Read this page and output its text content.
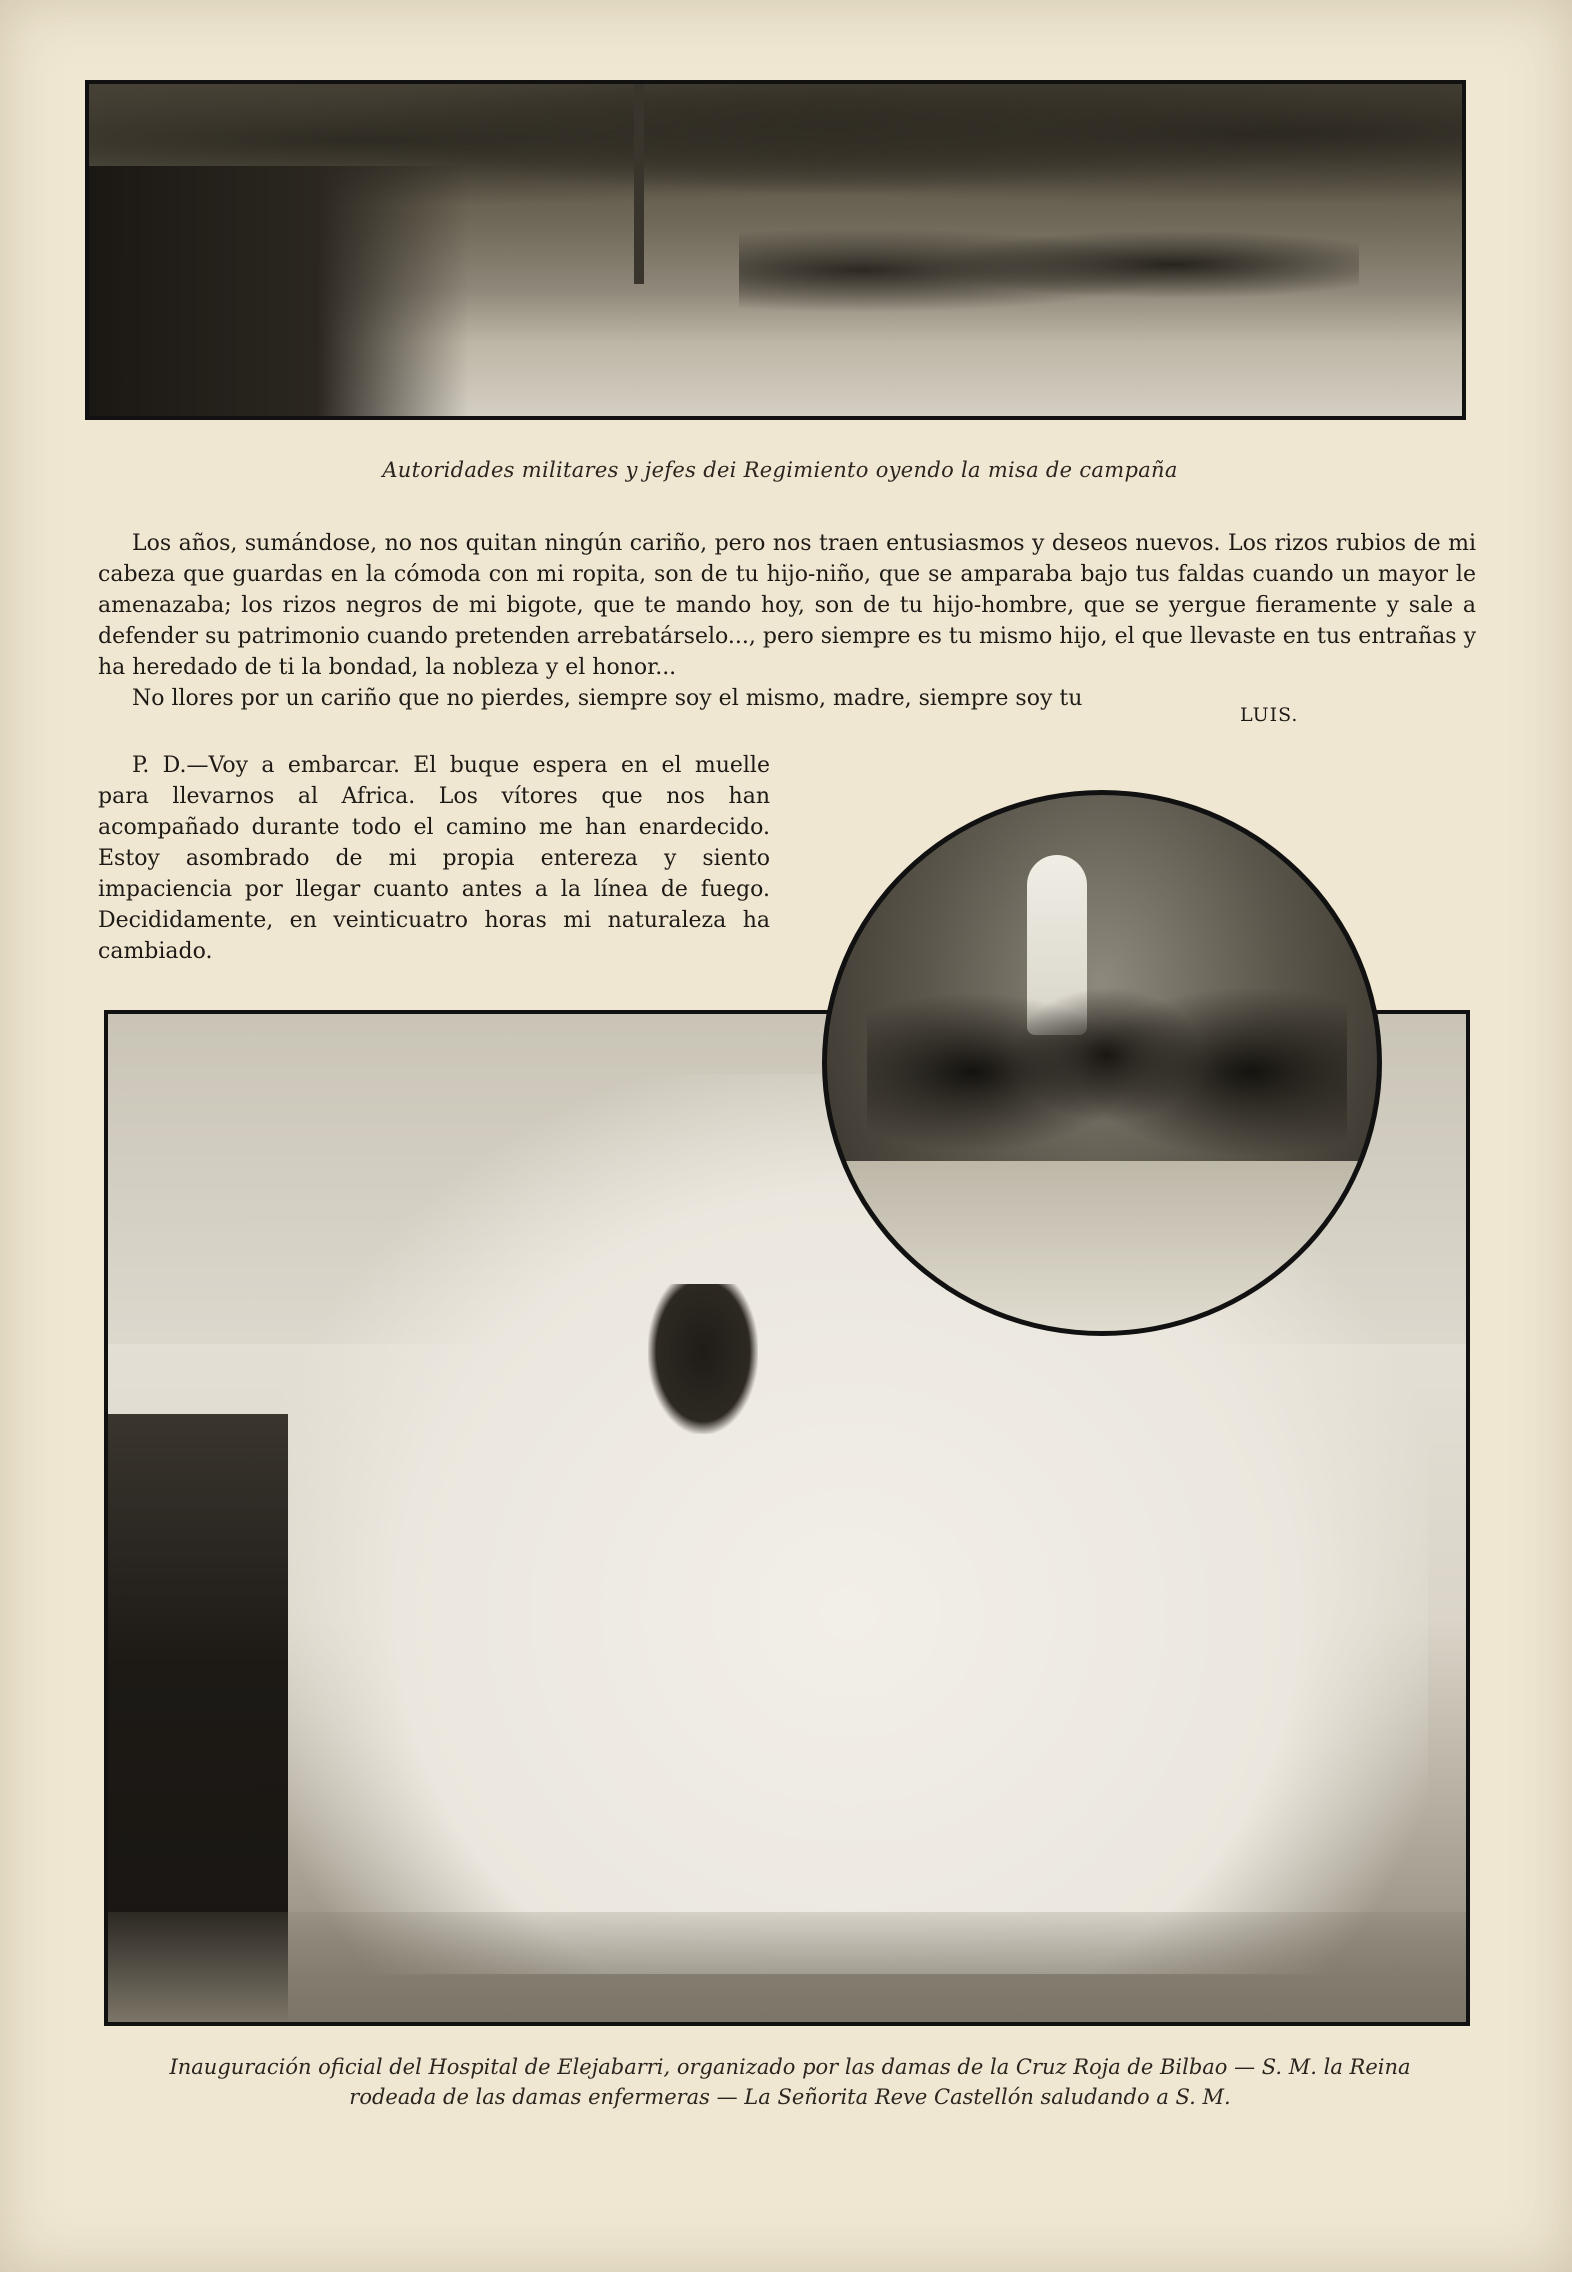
Autoridades militares y jefes dei Regimiento oyendo la misa de campaña

Los años, sumándose, no nos quitan ningún cariño, pero nos traen entusiasmos y deseos nuevos. Los rizos rubios de mi cabeza que guardas en la cómoda con mi ropita, son de tu hijo-niño, que se amparaba bajo tus faldas cuando un mayor le amenazaba; los rizos negros de mi bigote, que te mando hoy, son de tu hijo-hombre, que se yergue fieramente y sale a defender su patrimonio cuando pretenden arrebatárselo..., pero siempre es tu mismo hijo, el que llevaste en tus entrañas y ha heredado de ti la bondad, la nobleza y el honor...

No llores por un cariño que no pierdes, siempre soy el mismo, madre, siempre soy tu

LUIS.

P. D.—Voy a embarcar. El buque espera en el muelle para llevarnos al Africa. Los vítores que nos han acompañado durante todo el camino me han enardecido. Estoy asombrado de mi propia entereza y siento impaciencia por llegar cuanto antes a la línea de fuego. Decididamente, en veinticuatro horas mi naturaleza ha cambiado.

Inauguración oficial del Hospital de Elejabarri, organizado por las damas de la Cruz Roja de Bilbao — S. M. la Reina
rodeada de las damas enfermeras — La Señorita Reve Castellón saludando a S. M.
